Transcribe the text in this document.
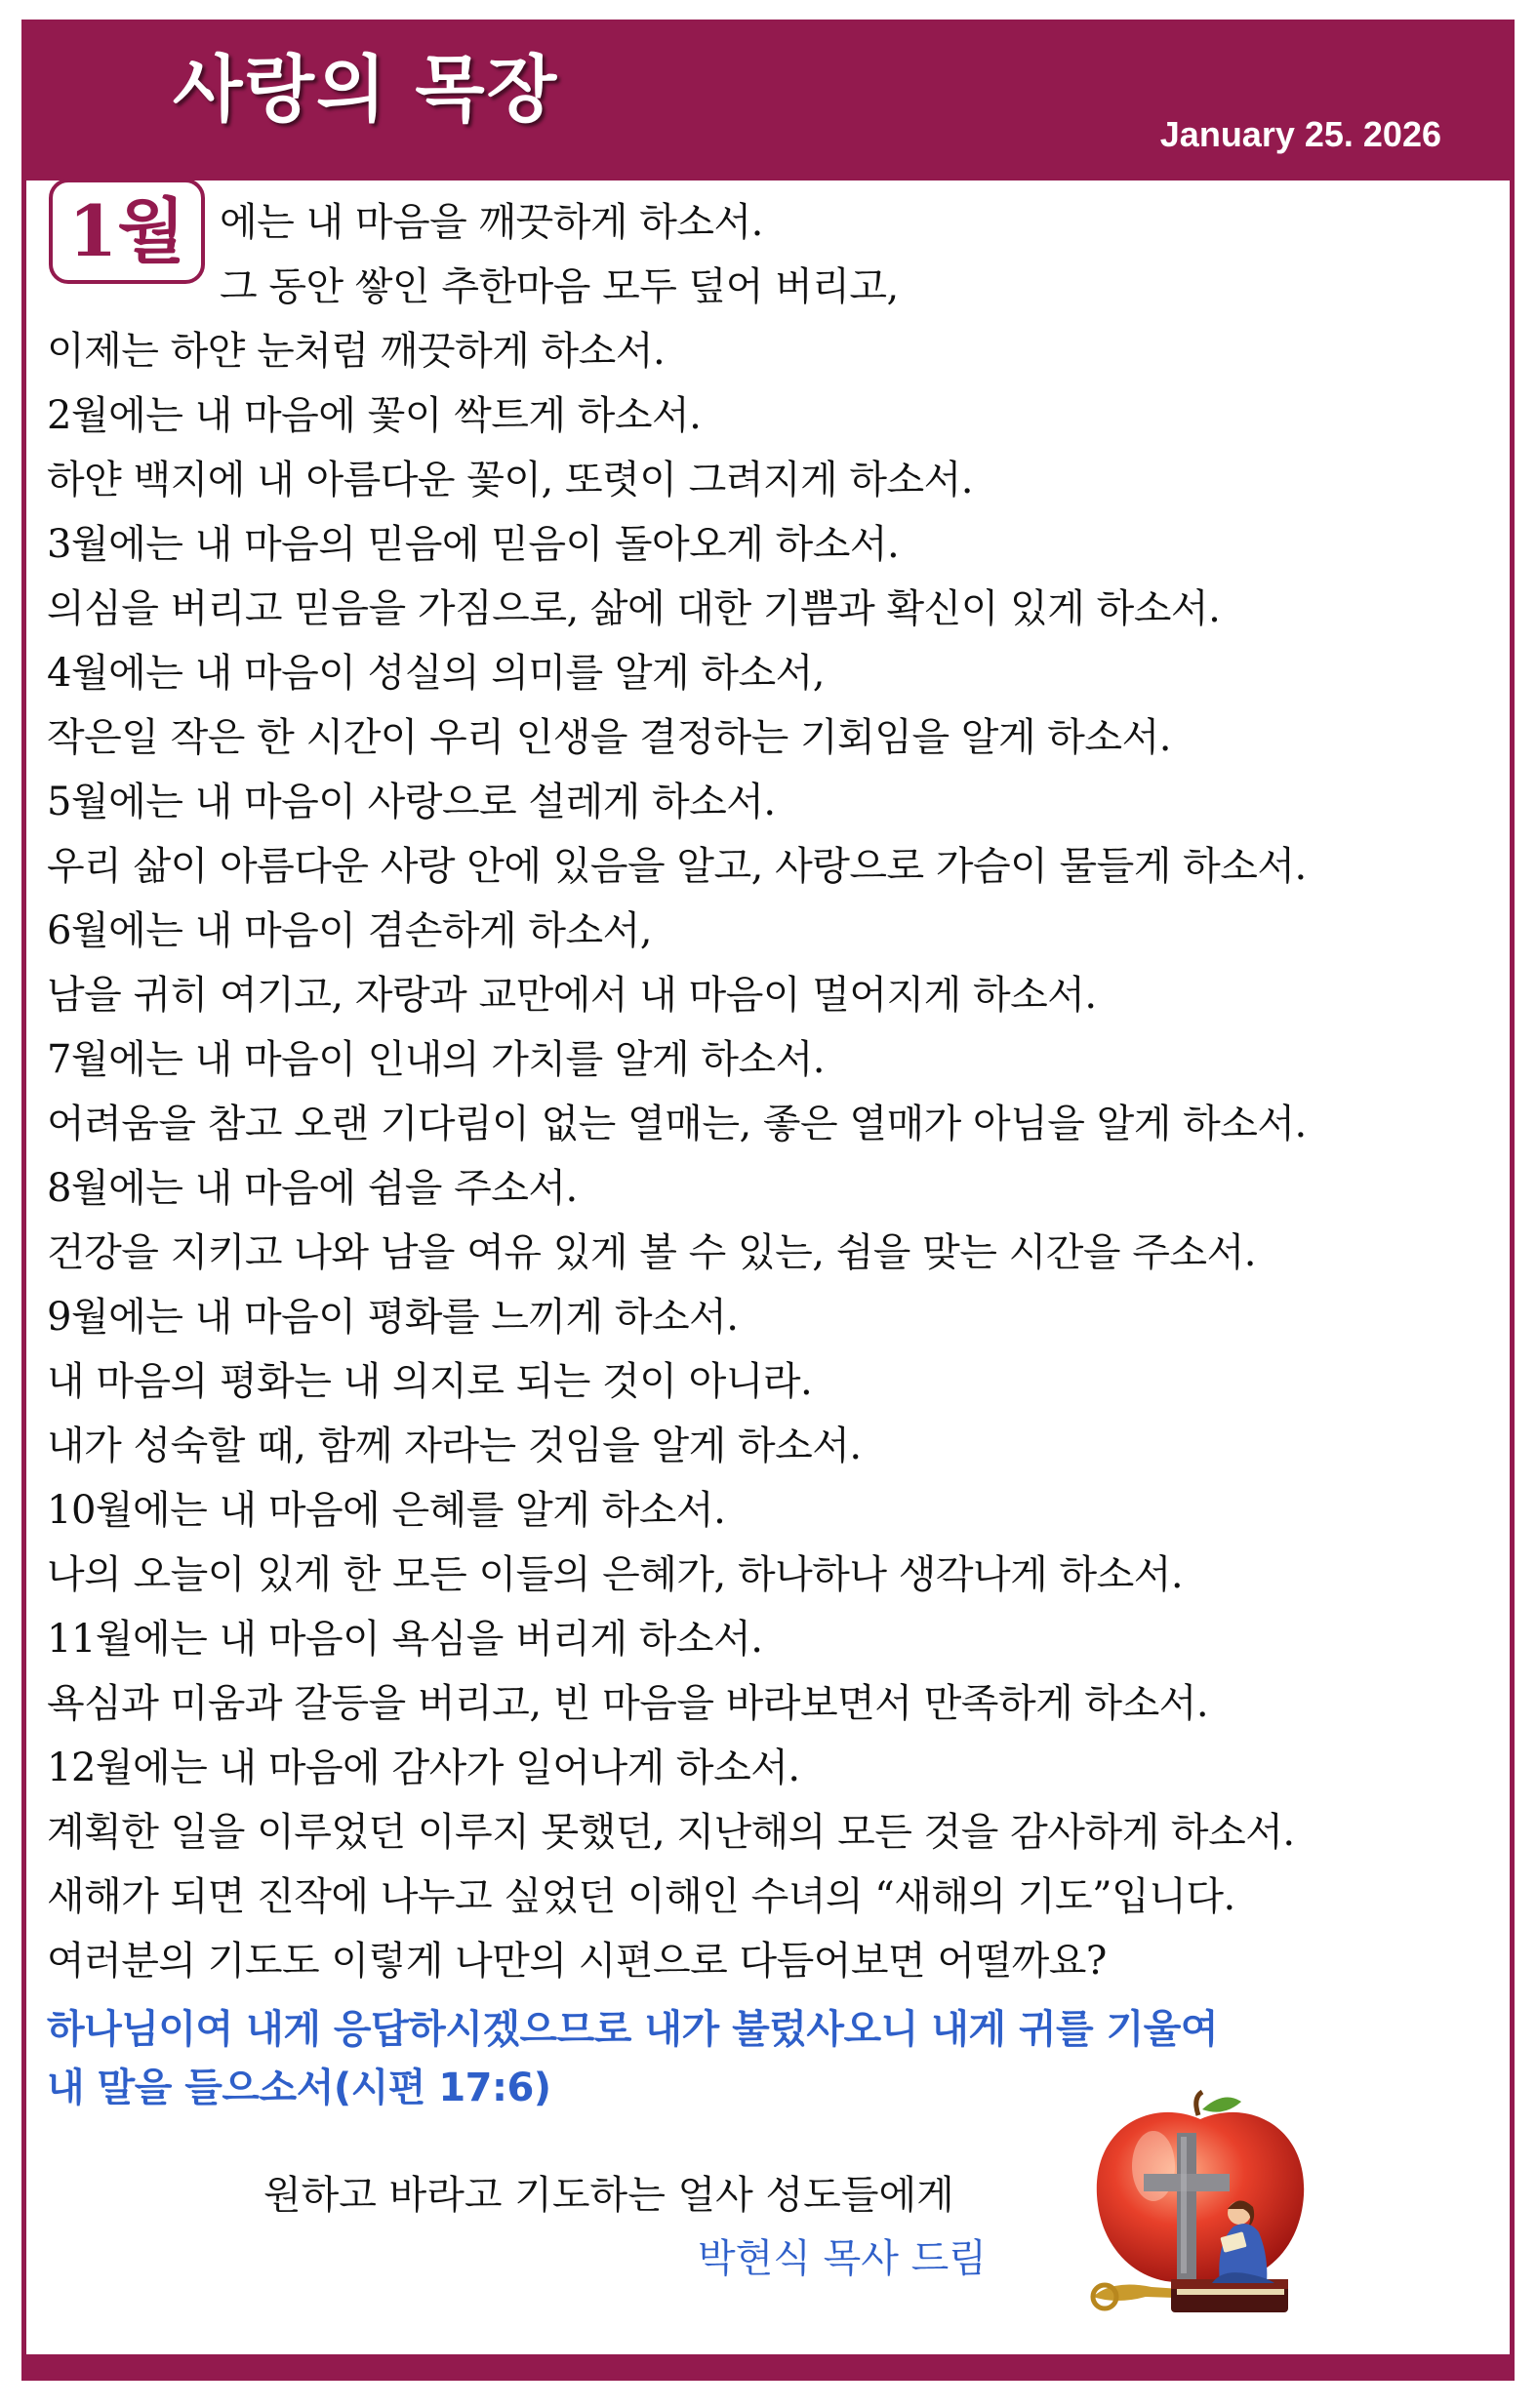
사랑의 목장
January 25. 2026
1월 에는 내 마음을 깨끗하게 하소서.
그 동안 쌓인 추한마음 모두 덮어 버리고,
이제는 하얀 눈처럼 깨끗하게 하소서.
2월에는 내 마음에 꽃이 싹트게 하소서.
하얀 백지에 내 아름다운 꽃이, 또렷이 그려지게 하소서.
3월에는 내 마음의 믿음에 믿음이 돌아오게 하소서.
의심을 버리고 믿음을 가짐으로, 삶에 대한 기쁨과 확신이 있게 하소서.
4월에는 내 마음이 성실의 의미를 알게 하소서,
작은일 작은 한 시간이 우리 인생을 결정하는 기회임을 알게 하소서.
5월에는 내 마음이 사랑으로 설레게 하소서.
우리 삶이 아름다운 사랑 안에 있음을 알고, 사랑으로 가슴이 물들게 하소서.
6월에는 내 마음이 겸손하게 하소서,
남을 귀히 여기고, 자랑과 교만에서 내 마음이 멀어지게 하소서.
7월에는 내 마음이 인내의 가치를 알게 하소서.
어려움을 참고 오랜 기다림이 없는 열매는, 좋은 열매가 아님을 알게 하소서.
8월에는 내 마음에 쉼을 주소서.
건강을 지키고 나와 남을 여유 있게 볼 수 있는, 쉼을 맞는 시간을 주소서.
9월에는 내 마음이 평화를 느끼게 하소서.
내 마음의 평화는 내 의지로 되는 것이 아니라.
내가 성숙할 때, 함께 자라는 것임을 알게 하소서.
10월에는 내 마음에 은혜를 알게 하소서.
나의 오늘이 있게 한 모든 이들의 은혜가, 하나하나 생각나게 하소서.
11월에는 내 마음이 욕심을 버리게 하소서.
욕심과 미움과 갈등을 버리고, 빈 마음을 바라보면서 만족하게 하소서.
12월에는 내 마음에 감사가 일어나게 하소서.
계획한 일을 이루었던 이루지 못했던, 지난해의 모든 것을 감사하게 하소서.
새해가 되면 진작에 나누고 싶었던 이해인 수녀의 “새해의 기도”입니다.
여러분의 기도도 이렇게 나만의 시편으로 다듬어보면 어떨까요?
하나님이여 내게 응답하시겠으므로 내가 불렀사오니 내게 귀를 기울여
내 말을 들으소서(시편 17:6)
원하고 바라고 기도하는 얼사 성도들에게
박현식 목사 드림
